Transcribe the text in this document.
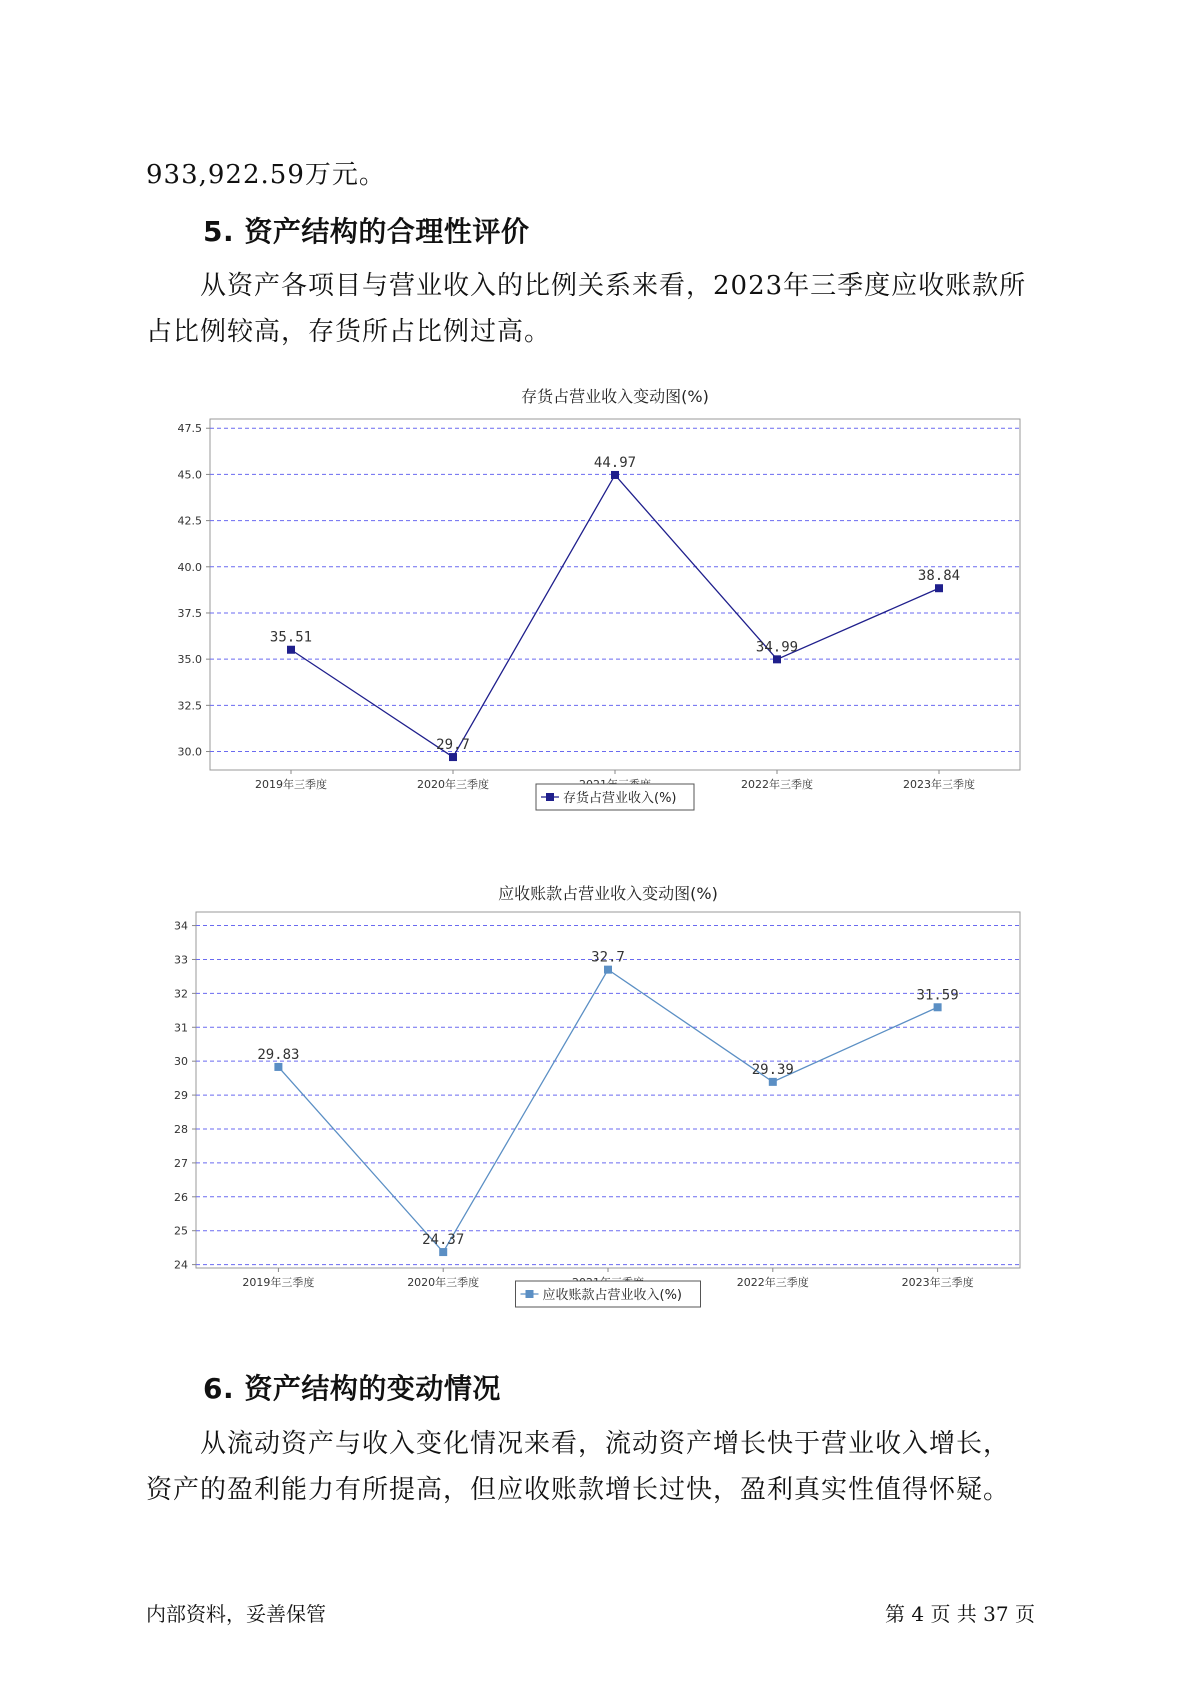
933,922.59万元。

5. 资产结构的合理性评价

从资产各项目与营业收入的比例关系来看，2023年三季度应收账款所

占比例较高，存货所占比例过高。

存货占营业收入变动图(%)
47.5
45.0
42.5
40.0
37.5
35.0
32.5
30.0
2019年三季度	2020年三季度	2022年三季度	2023年三季度
35.51
29.7
44.97
34.99
38.84
存货占营业收入(%)
应收账款占营业收入变动图(%)
34
33
32
31
30
29
28
27
26
25
24
2019年三季度	2020年三季度	2022年三季度	2023年三季度
29.83
24.37
32.7
29.39
31.59
应收账款占营业收入(%)
6. 资产结构的变动情况

从流动资产与收入变化情况来看，流动资产增长快于营业收入增长，

资产的盈利能力有所提高，但应收账款增长过快，盈利真实性值得怀疑。

内部资料，妥善保管	第 4 页 共 37 页
